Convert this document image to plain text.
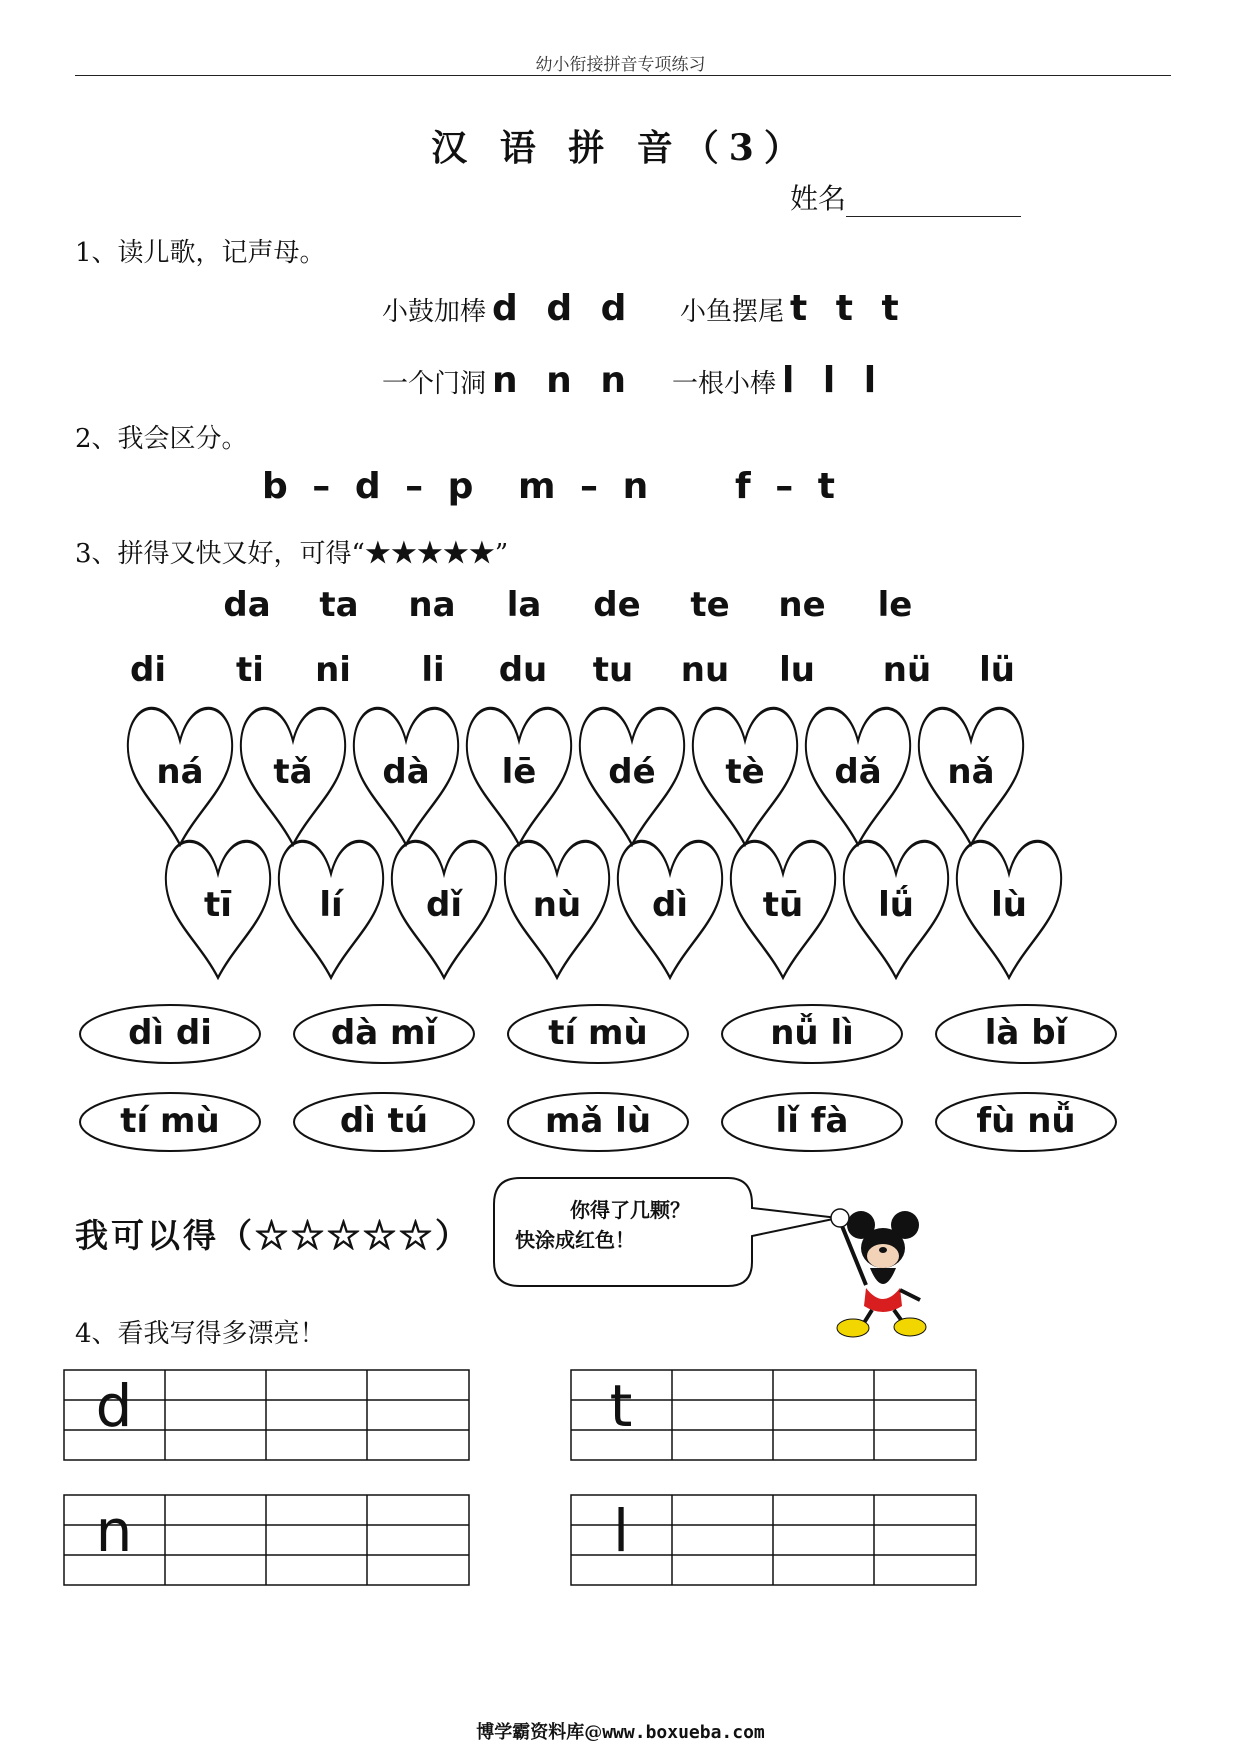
幼小衔接拼音专项练习
汉 语 拼 音（3）
姓名
1、读儿歌，记声母。
小鼓加棒 d d d 小鱼摆尾 t t t
一个门洞 n n n 一根小棒 l l l
2、我会区分。
b – d – p m – n f – t
3、拼得又快又好，可得“★★★★★”
da	ta	na	la	de	te	ne	le
di	ti	ni	li	du	tu	nu	lu	nü	lü
ná	tǎ	dà	lē	dé	tè	dǎ	nǎ
tī	lí	dǐ	nù	dì	tū	lǘ	lù
dì di	dà mǐ	tí mù	nǚ lì	là bǐ
tí mù	dì tú	mǎ lù	lǐ fà	fù nǚ
我可以得（☆☆☆☆☆）
你得了几颗？
快涂成红色！
4、看我写得多漂亮！
d	t
n	l
博学霸资料库@www.boxueba.com
